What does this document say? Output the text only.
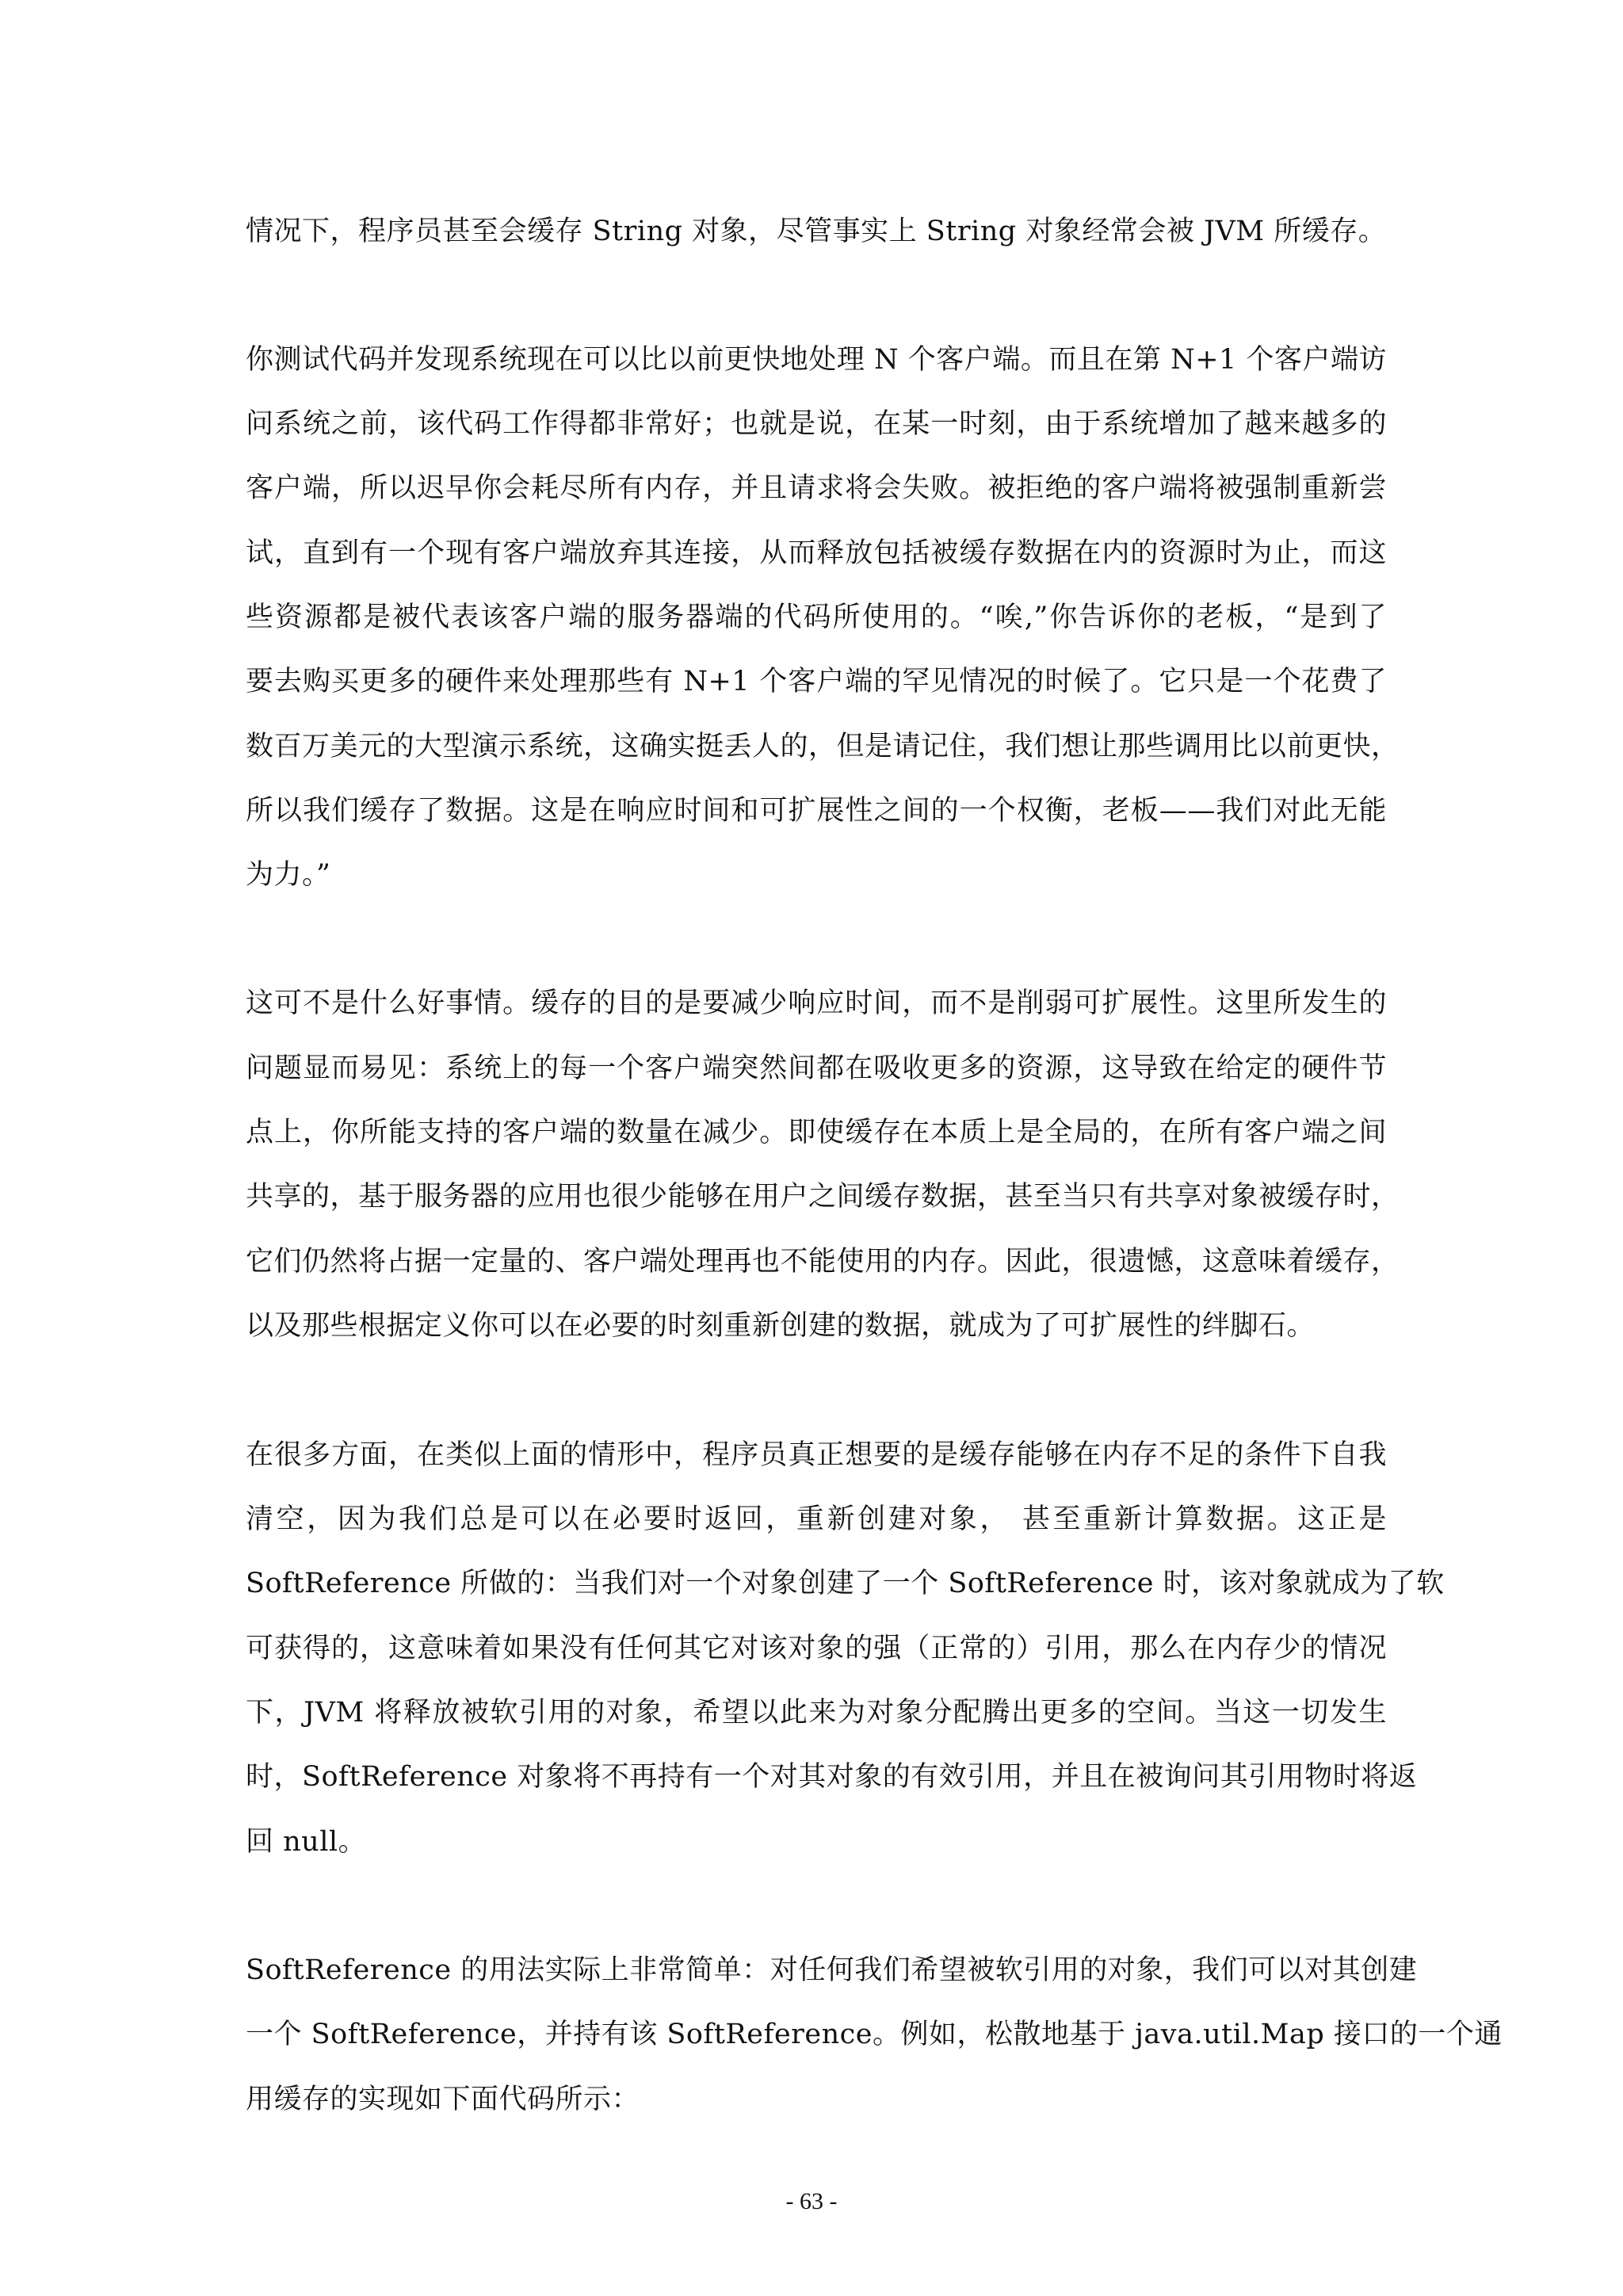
情况下，程序员甚至会缓存 String 对象，尽管事实上 String 对象经常会被 JVM 所缓存。
你测试代码并发现系统现在可以比以前更快地处理 N 个客户端。而且在第 N+1 个客户端访
问系统之前，该代码工作得都非常好；也就是说，在某一时刻，由于系统增加了越来越多的
客户端，所以迟早你会耗尽所有内存，并且请求将会失败。被拒绝的客户端将被强制重新尝
试，直到有一个现有客户端放弃其连接，从而释放包括被缓存数据在内的资源时为止，而这
些资源都是被代表该客户端的服务器端的代码所使用的。“唉,”你告诉你的老板，“是到了
要去购买更多的硬件来处理那些有 N+1 个客户端的罕见情况的时候了。它只是一个花费了
数百万美元的大型演示系统，这确实挺丢人的，但是请记住，我们想让那些调用比以前更快，
所以我们缓存了数据。这是在响应时间和可扩展性之间的一个权衡，老板——我们对此无能
为力。”
这可不是什么好事情。缓存的目的是要减少响应时间，而不是削弱可扩展性。这里所发生的
问题显而易见：系统上的每一个客户端突然间都在吸收更多的资源，这导致在给定的硬件节
点上，你所能支持的客户端的数量在减少。即使缓存在本质上是全局的，在所有客户端之间
共享的，基于服务器的应用也很少能够在用户之间缓存数据，甚至当只有共享对象被缓存时，
它们仍然将占据一定量的、客户端处理再也不能使用的内存。因此，很遗憾，这意味着缓存，
以及那些根据定义你可以在必要的时刻重新创建的数据，就成为了可扩展性的绊脚石。
在很多方面，在类似上面的情形中，程序员真正想要的是缓存能够在内存不足的条件下自我
清空，因为我们总是可以在必要时返回，重新创建对象， 甚至重新计算数据。这正是
SoftReference 所做的：当我们对一个对象创建了一个 SoftReference 时，该对象就成为了软
可获得的，这意味着如果没有任何其它对该对象的强（正常的）引用，那么在内存少的情况
下，JVM 将释放被软引用的对象，希望以此来为对象分配腾出更多的空间。当这一切发生
时，SoftReference 对象将不再持有一个对其对象的有效引用，并且在被询问其引用物时将返
回 null。
SoftReference 的用法实际上非常简单：对任何我们希望被软引用的对象，我们可以对其创建
一个 SoftReference，并持有该 SoftReference。例如，松散地基于 java.util.Map 接口的一个通
用缓存的实现如下面代码所示：
- 63 -
